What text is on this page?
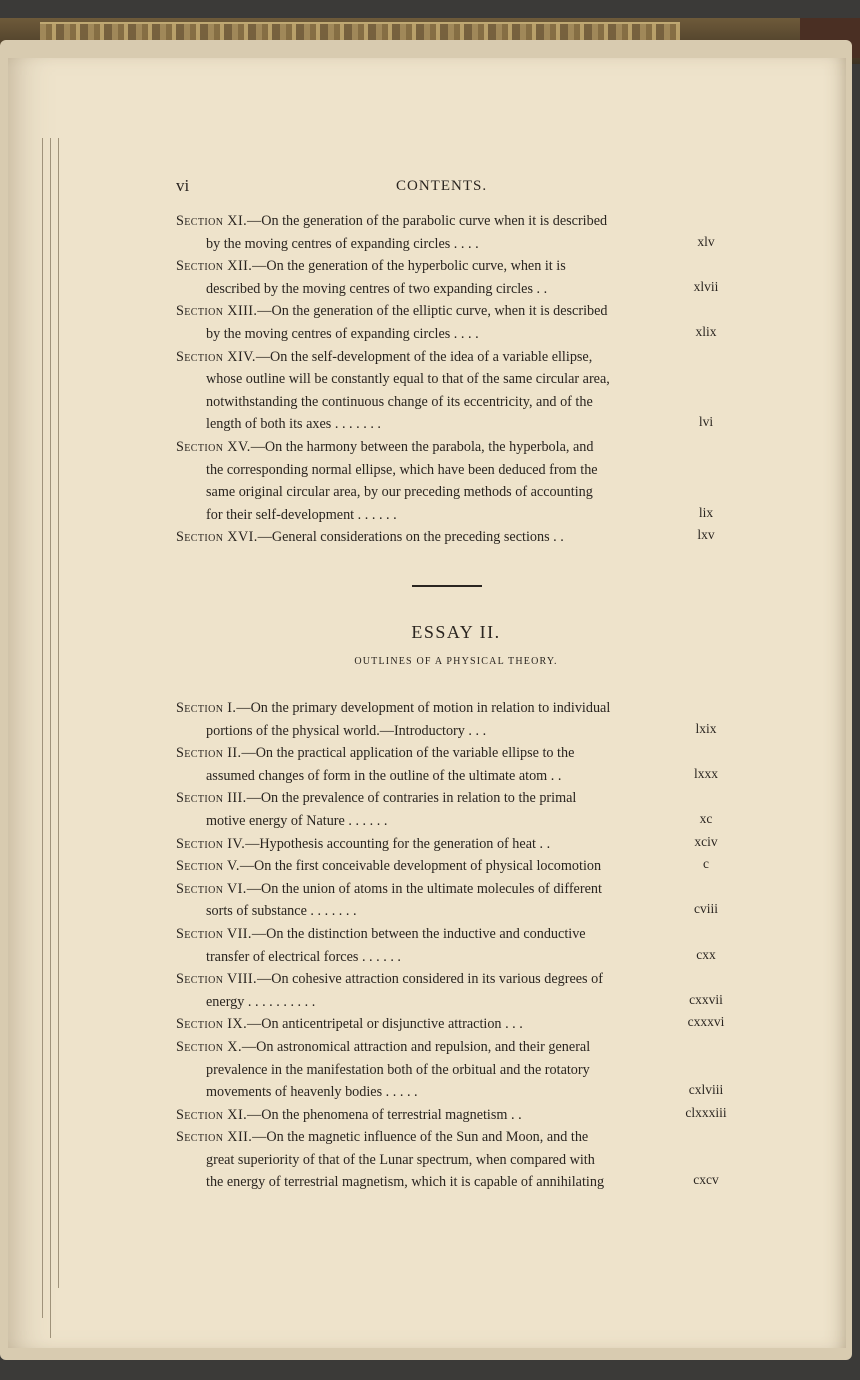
vi	CONTENTS.
Section XI.—On the generation of the parabolic curve when it is described
by the moving centres of expanding circles . . . .	xlv
Section XII.—On the generation of the hyperbolic curve, when it is
described by the moving centres of two expanding circles . .	xlvii
Section XIII.—On the generation of the elliptic curve, when it is described
by the moving centres of expanding circles . . . .	xlix
Section XIV.—On the self-development of the idea of a variable ellipse,
whose outline will be constantly equal to that of the same circular area,
notwithstanding the continuous change of its eccentricity, and of the
length of both its axes . . . . . . .	lvi
Section XV.—On the harmony between the parabola, the hyperbola, and
the corresponding normal ellipse, which have been deduced from the
same original circular area, by our preceding methods of accounting
for their self-development . . . . . .	lix
Section XVI.—General considerations on the preceding sections . .	lxv
ESSAY II.
OUTLINES OF A PHYSICAL THEORY.
Section I.—On the primary development of motion in relation to individual
portions of the physical world.—Introductory . . .	lxix
Section II.—On the practical application of the variable ellipse to the
assumed changes of form in the outline of the ultimate atom . .	lxxx
Section III.—On the prevalence of contraries in relation to the primal
motive energy of Nature . . . . . .	xc
Section IV.—Hypothesis accounting for the generation of heat . .	xciv
Section V.—On the first conceivable development of physical locomotion	c
Section VI.—On the union of atoms in the ultimate molecules of different
sorts of substance . . . . . . .	cviii
Section VII.—On the distinction between the inductive and conductive
transfer of electrical forces . . . . . .	cxx
Section VIII.—On cohesive attraction considered in its various degrees of
energy . . . . . . . . . .	cxxvii
Section IX.—On anticentripetal or disjunctive attraction . . .	cxxxvi
Section X.—On astronomical attraction and repulsion, and their general
prevalence in the manifestation both of the orbitual and the rotatory
movements of heavenly bodies . . . . .	cxlviii
Section XI.—On the phenomena of terrestrial magnetism . .	clxxxiii
Section XII.—On the magnetic influence of the Sun and Moon, and the
great superiority of that of the Lunar spectrum, when compared with
the energy of terrestrial magnetism, which it is capable of annihilating	cxcv
